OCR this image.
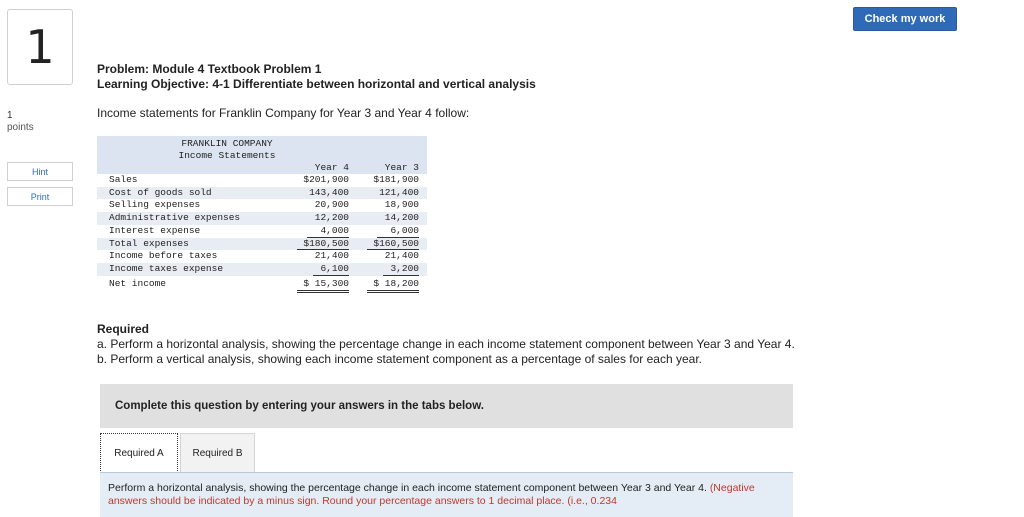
Check my work
1
1
points
Hint
Print
Problem: Module 4 Textbook Problem 1
Learning Objective: 4-1 Differentiate between horizontal and vertical analysis
Income statements for Franklin Company for Year 3 and Year 4 follow:
FRANKLIN COMPANY
Income Statements
Year 4	Year 3
Sales	$201,900	$181,900
Cost of goods sold	143,400	121,400
Selling expenses	20,900	18,900
Administrative expenses	12,200	14,200
Interest expense	4,000	6,000
Total expenses	$180,500	$160,500
Income before taxes	21,400	21,400
Income taxes expense	6,100	3,200
Net income	$ 15,300	$ 18,200
Required
a. Perform a horizontal analysis, showing the percentage change in each income statement component between Year 3 and Year 4.
b. Perform a vertical analysis, showing each income statement component as a percentage of sales for each year.
Complete this question by entering your answers in the tabs below.
Required A	Required B
Perform a horizontal analysis, showing the percentage change in each income statement component between Year 3 and Year 4. (Negative answers should be indicated by a minus sign. Round your percentage answers to 1 decimal place. (i.e., 0.234
